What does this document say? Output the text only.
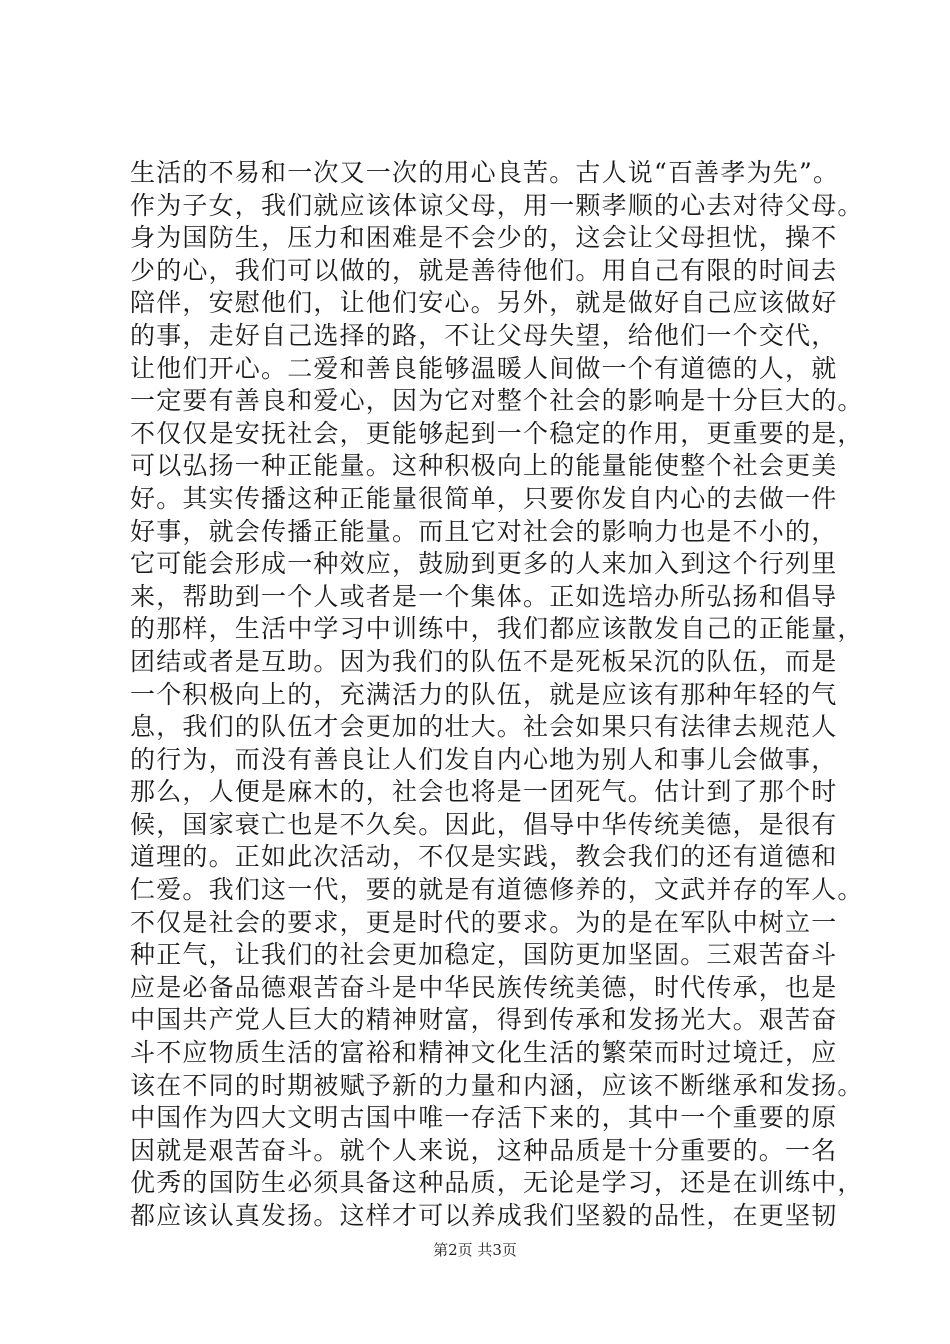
生活的不易和一次又一次的用心良苦。古人说“百善孝为先”。
作为子女，我们就应该体谅父母，用一颗孝顺的心去对待父母。
身为国防生，压力和困难是不会少的，这会让父母担忧，操不
少的心，我们可以做的，就是善待他们。用自己有限的时间去
陪伴，安慰他们，让他们安心。另外，就是做好自己应该做好
的事，走好自己选择的路，不让父母失望，给他们一个交代，
让他们开心。二爱和善良能够温暖人间做一个有道德的人，就
一定要有善良和爱心，因为它对整个社会的影响是十分巨大的。
不仅仅是安抚社会，更能够起到一个稳定的作用，更重要的是，
可以弘扬一种正能量。这种积极向上的能量能使整个社会更美
好。其实传播这种正能量很简单，只要你发自内心的去做一件
好事，就会传播正能量。而且它对社会的影响力也是不小的，
它可能会形成一种效应，鼓励到更多的人来加入到这个行列里
来，帮助到一个人或者是一个集体。正如选培办所弘扬和倡导
的那样，生活中学习中训练中，我们都应该散发自己的正能量，
团结或者是互助。因为我们的队伍不是死板呆沉的队伍，而是
一个积极向上的，充满活力的队伍，就是应该有那种年轻的气
息，我们的队伍才会更加的壮大。社会如果只有法律去规范人
的行为，而没有善良让人们发自内心地为别人和事儿会做事，
那么，人便是麻木的，社会也将是一团死气。估计到了那个时
候，国家衰亡也是不久矣。因此，倡导中华传统美德，是很有
道理的。正如此次活动，不仅是实践，教会我们的还有道德和
仁爱。我们这一代，要的就是有道德修养的，文武并存的军人。
不仅是社会的要求，更是时代的要求。为的是在军队中树立一
种正气，让我们的社会更加稳定，国防更加坚固。三艰苦奋斗
应是必备品德艰苦奋斗是中华民族传统美德，时代传承，也是
中国共产党人巨大的精神财富，得到传承和发扬光大。艰苦奋
斗不应物质生活的富裕和精神文化生活的繁荣而时过境迁，应
该在不同的时期被赋予新的力量和内涵，应该不断继承和发扬。
中国作为四大文明古国中唯一存活下来的，其中一个重要的原
因就是艰苦奋斗。就个人来说，这种品质是十分重要的。一名
优秀的国防生必须具备这种品质，无论是学习，还是在训练中，
都应该认真发扬。这样才可以养成我们坚毅的品性，在更坚韧
第2页 共3页
